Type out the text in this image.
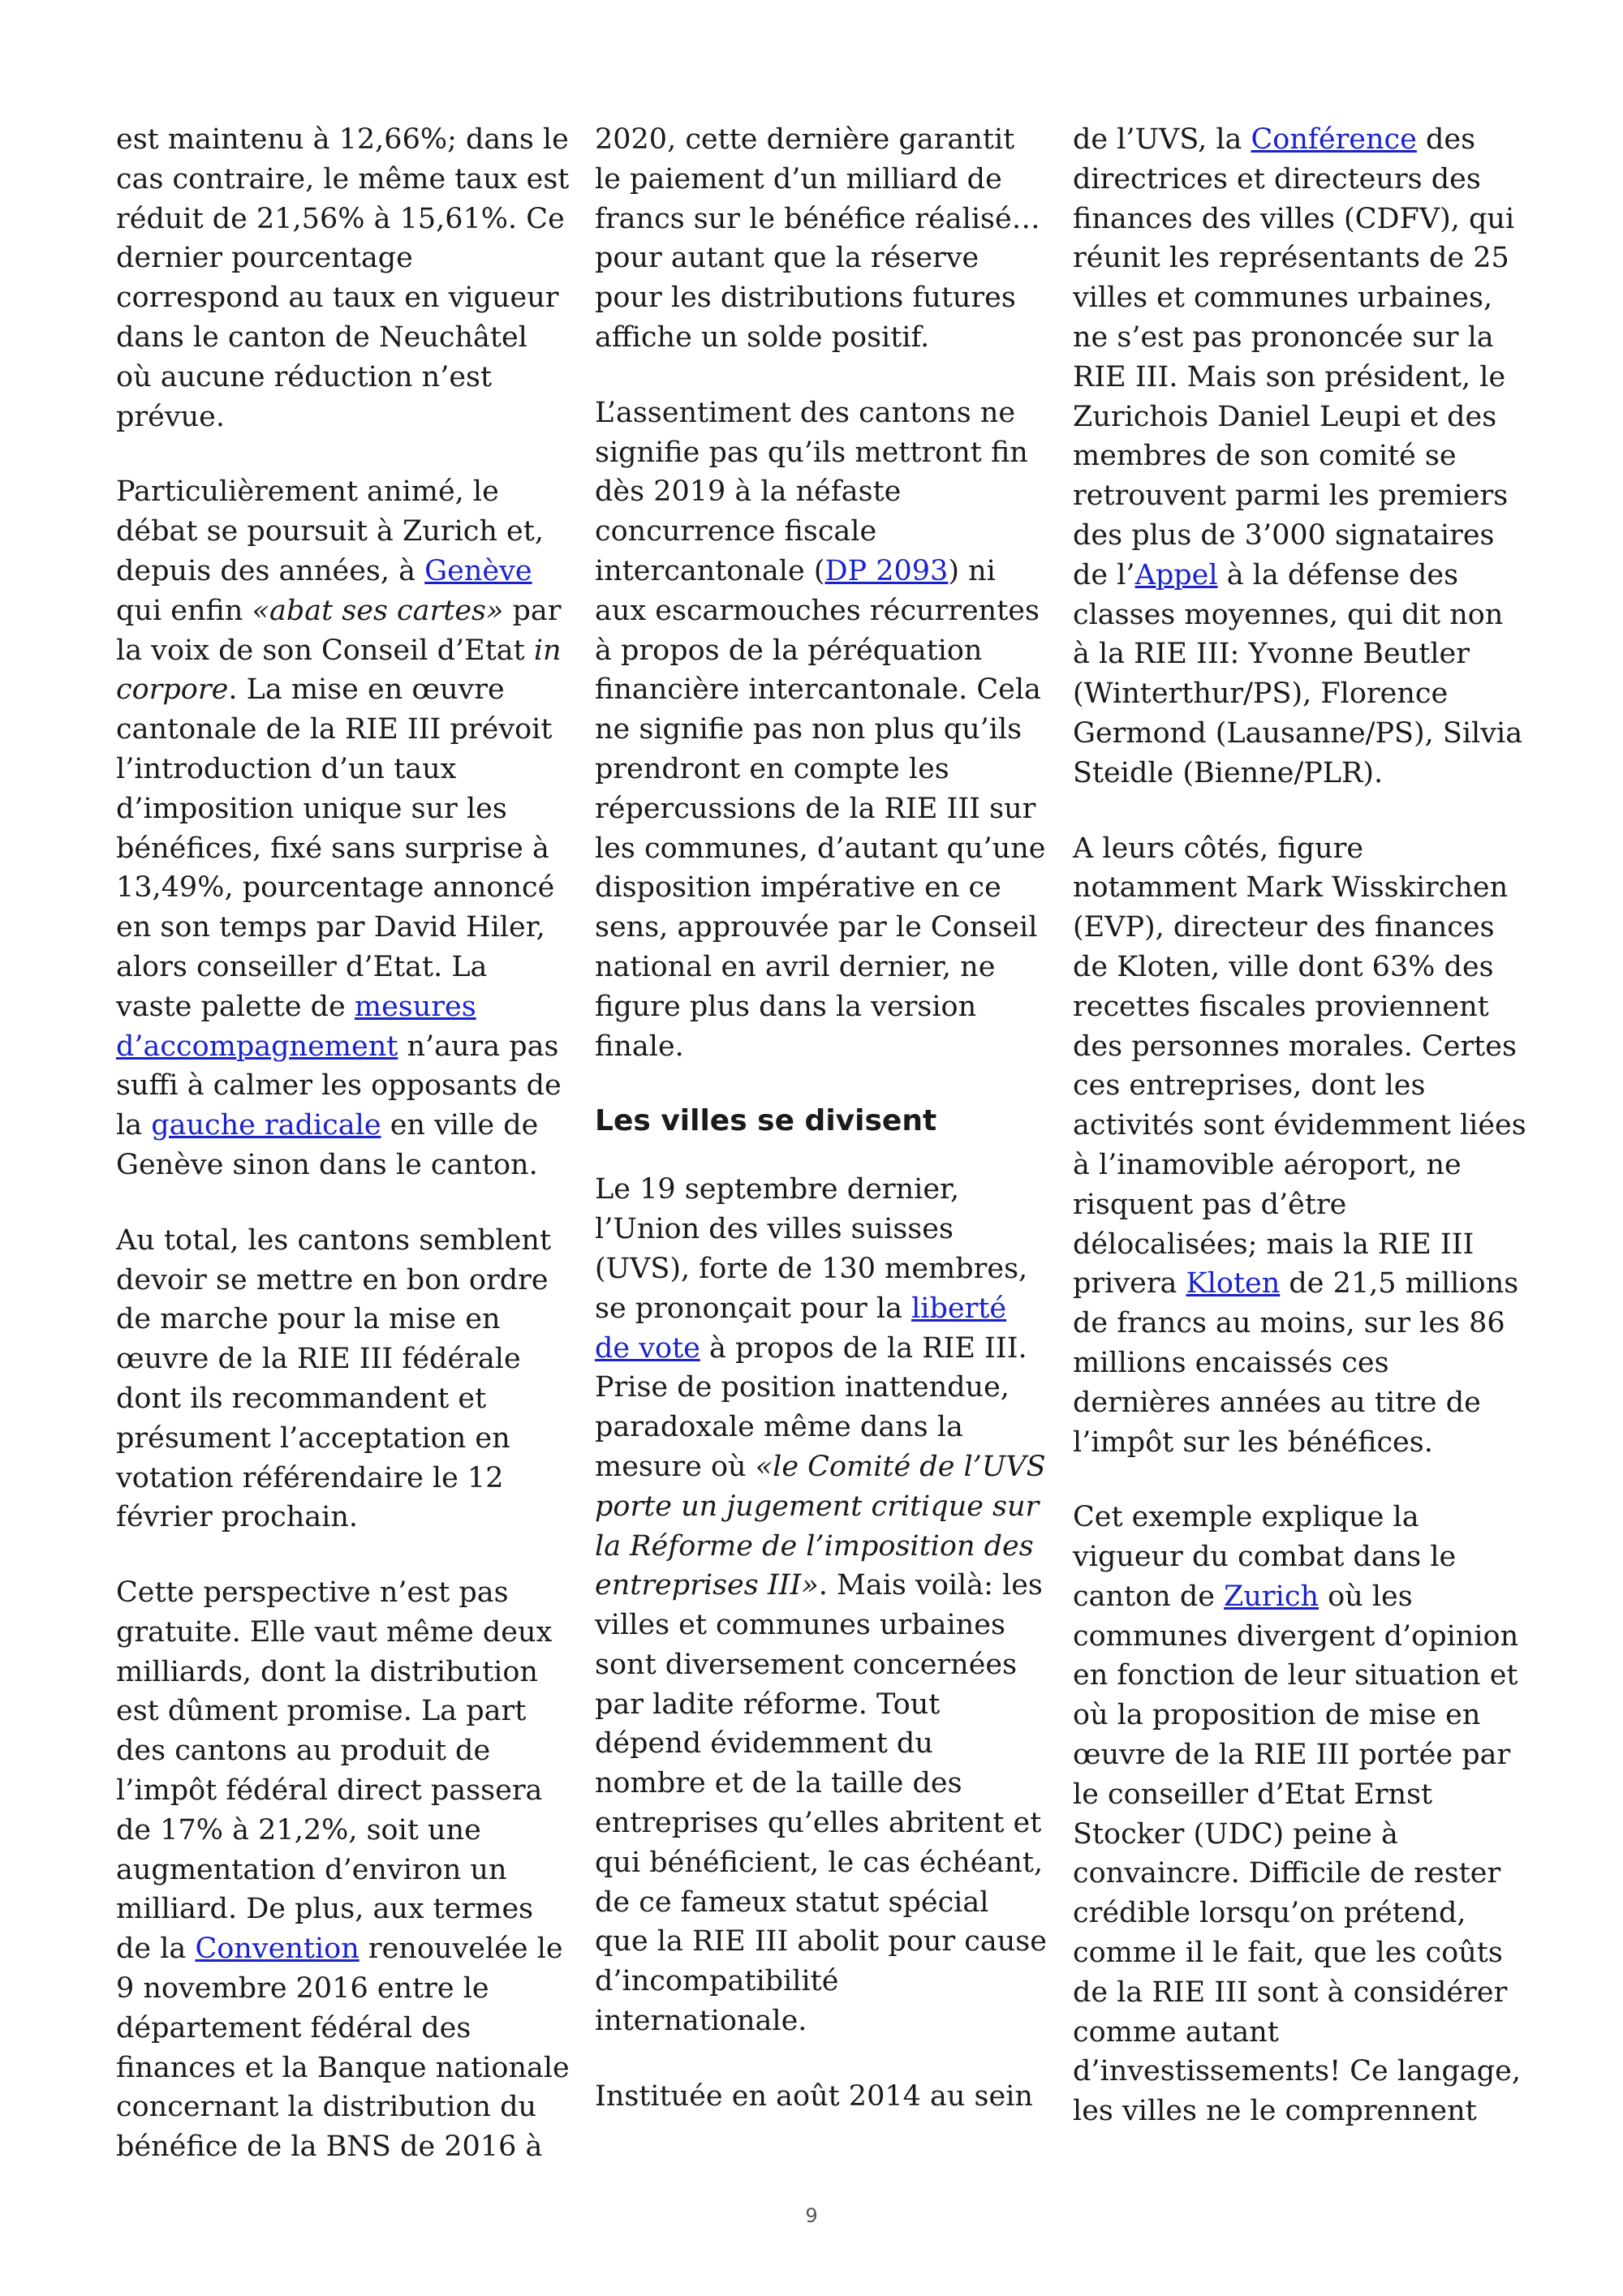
est maintenu à 12,66%; dans le cas contraire, le même taux est réduit de 21,56% à 15,61%. Ce dernier pourcentage correspond au taux en vigueur dans le canton de Neuchâtel où aucune réduction n’est prévue.

Particulièrement animé, le débat se poursuit à Zurich et, depuis des années, à Genève qui enfin «abat ses cartes» par la voix de son Conseil d’Etat in corpore. La mise en œuvre cantonale de la RIE III prévoit l’introduction d’un taux d’imposition unique sur les bénéfices, fixé sans surprise à 13,49%, pourcentage annoncé en son temps par David Hiler, alors conseiller d’Etat. La vaste palette de mesures d’accompagnement n’aura pas suffi à calmer les opposants de la gauche radicale en ville de Genève sinon dans le canton.

Au total, les cantons semblent devoir se mettre en bon ordre de marche pour la mise en œuvre de la RIE III fédérale dont ils recommandent et présument l’acceptation en votation référendaire le 12 février prochain.

Cette perspective n’est pas gratuite. Elle vaut même deux milliards, dont la distribution est dûment promise. La part des cantons au produit de l’impôt fédéral direct passera de 17% à 21,2%, soit une augmentation d’environ un milliard. De plus, aux termes de la Convention renouvelée le 9 novembre 2016 entre le département fédéral des finances et la Banque nationale concernant la distribution du bénéfice de la BNS de 2016 à

2020, cette dernière garantit le paiement d’un milliard de francs sur le bénéfice réalisé… pour autant que la réserve pour les distributions futures affiche un solde positif.

L’assentiment des cantons ne signifie pas qu’ils mettront fin dès 2019 à la néfaste concurrence fiscale intercantonale (DP 2093) ni aux escarmouches récurrentes à propos de la péréquation financière intercantonale. Cela ne signifie pas non plus qu’ils prendront en compte les répercussions de la RIE III sur les communes, d’autant qu’une disposition impérative en ce sens, approuvée par le Conseil national en avril dernier, ne figure plus dans la version finale.

Les villes se divisent

Le 19 septembre dernier, l’Union des villes suisses (UVS), forte de 130 membres, se prononçait pour la liberté de vote à propos de la RIE III. Prise de position inattendue, paradoxale même dans la mesure où «le Comité de l’UVS porte un jugement critique sur la Réforme de l’imposition des entreprises III». Mais voilà: les villes et communes urbaines sont diversement concernées par ladite réforme. Tout dépend évidemment du nombre et de la taille des entreprises qu’elles abritent et qui bénéficient, le cas échéant, de ce fameux statut spécial que la RIE III abolit pour cause d’incompatibilité internationale.

Instituée en août 2014 au sein

de l’UVS, la Conférence des directrices et directeurs des finances des villes (CDFV), qui réunit les représentants de 25 villes et communes urbaines, ne s’est pas prononcée sur la RIE III. Mais son président, le Zurichois Daniel Leupi et des membres de son comité se retrouvent parmi les premiers des plus de 3’000 signataires de l’Appel à la défense des classes moyennes, qui dit non à la RIE III: Yvonne Beutler (Winterthur/PS), Florence Germond (Lausanne/PS), Silvia Steidle (Bienne/PLR).

A leurs côtés, figure notamment Mark Wisskirchen (EVP), directeur des finances de Kloten, ville dont 63% des recettes fiscales proviennent des personnes morales. Certes ces entreprises, dont les activités sont évidemment liées à l’inamovible aéroport, ne risquent pas d’être délocalisées; mais la RIE III privera Kloten de 21,5 millions de francs au moins, sur les 86 millions encaissés ces dernières années au titre de l’impôt sur les bénéfices.

Cet exemple explique la vigueur du combat dans le canton de Zurich où les communes divergent d’opinion en fonction de leur situation et où la proposition de mise en œuvre de la RIE III portée par le conseiller d’Etat Ernst Stocker (UDC) peine à convaincre. Difficile de rester crédible lorsqu’on prétend, comme il le fait, que les coûts de la RIE III sont à considérer comme autant d’investissements! Ce langage, les villes ne le comprennent

9
